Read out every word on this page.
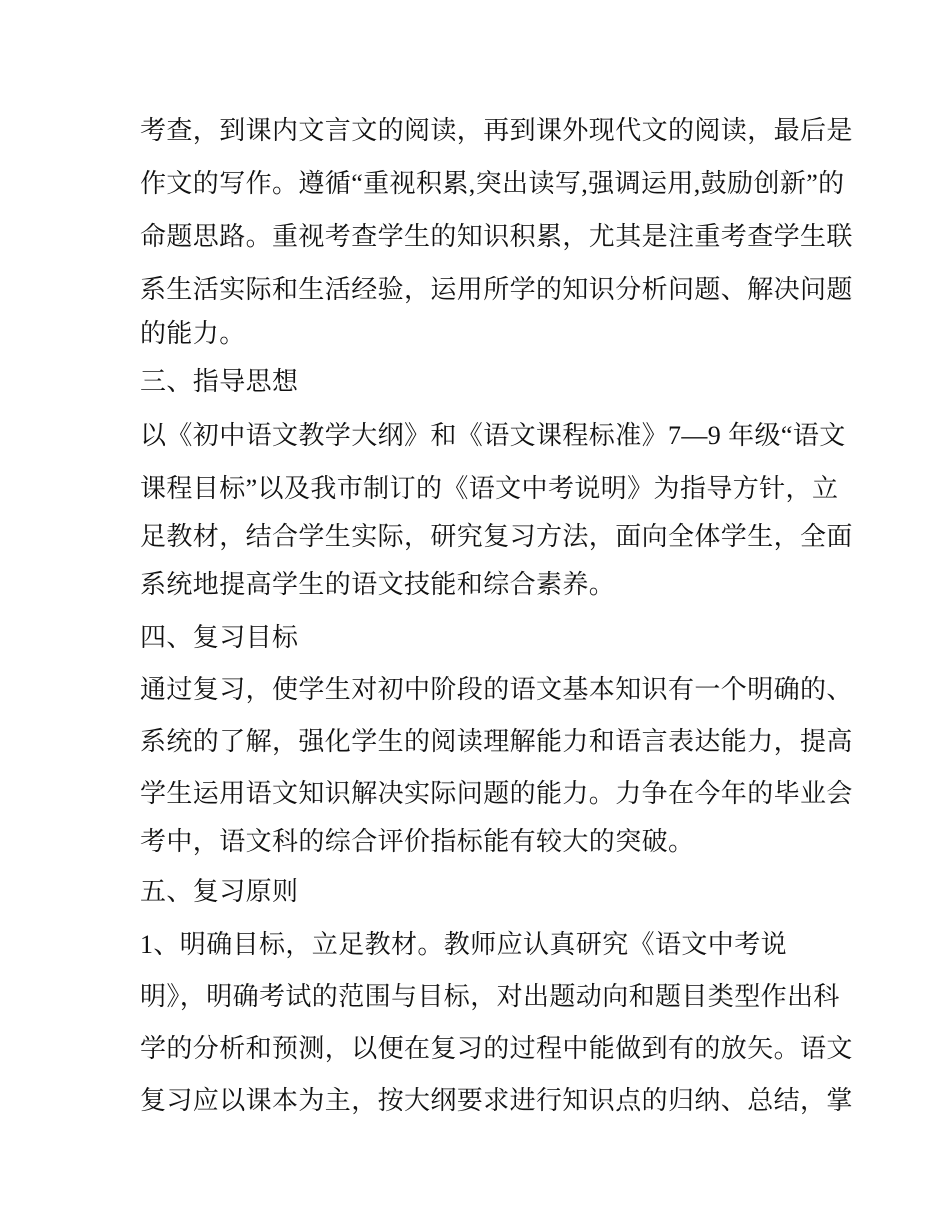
考查，到课内文言文的阅读，再到课外现代文的阅读，最后是
作文的写作。遵循“重视积累,突出读写,强调运用,鼓励创新”的
命题思路。重视考查学生的知识积累，尤其是注重考查学生联
系生活实际和生活经验，运用所学的知识分析问题、解决问题
的能力。
三、指导思想
以《初中语文教学大纲》和《语文课程标准》7—9 年级“语文
课程目标”以及我市制订的《语文中考说明》为指导方针，立
足教材，结合学生实际，研究复习方法，面向全体学生，全面
系统地提高学生的语文技能和综合素养。
四、复习目标
通过复习，使学生对初中阶段的语文基本知识有一个明确的、
系统的了解，强化学生的阅读理解能力和语言表达能力，提高
学生运用语文知识解决实际问题的能力。力争在今年的毕业会
考中，语文科的综合评价指标能有较大的突破。
五、复习原则
1、明确目标，立足教材。教师应认真研究《语文中考说
明》，明确考试的范围与目标，对出题动向和题目类型作出科
学的分析和预测，以便在复习的过程中能做到有的放矢。语文
复习应以课本为主，按大纲要求进行知识点的归纳、总结，掌
